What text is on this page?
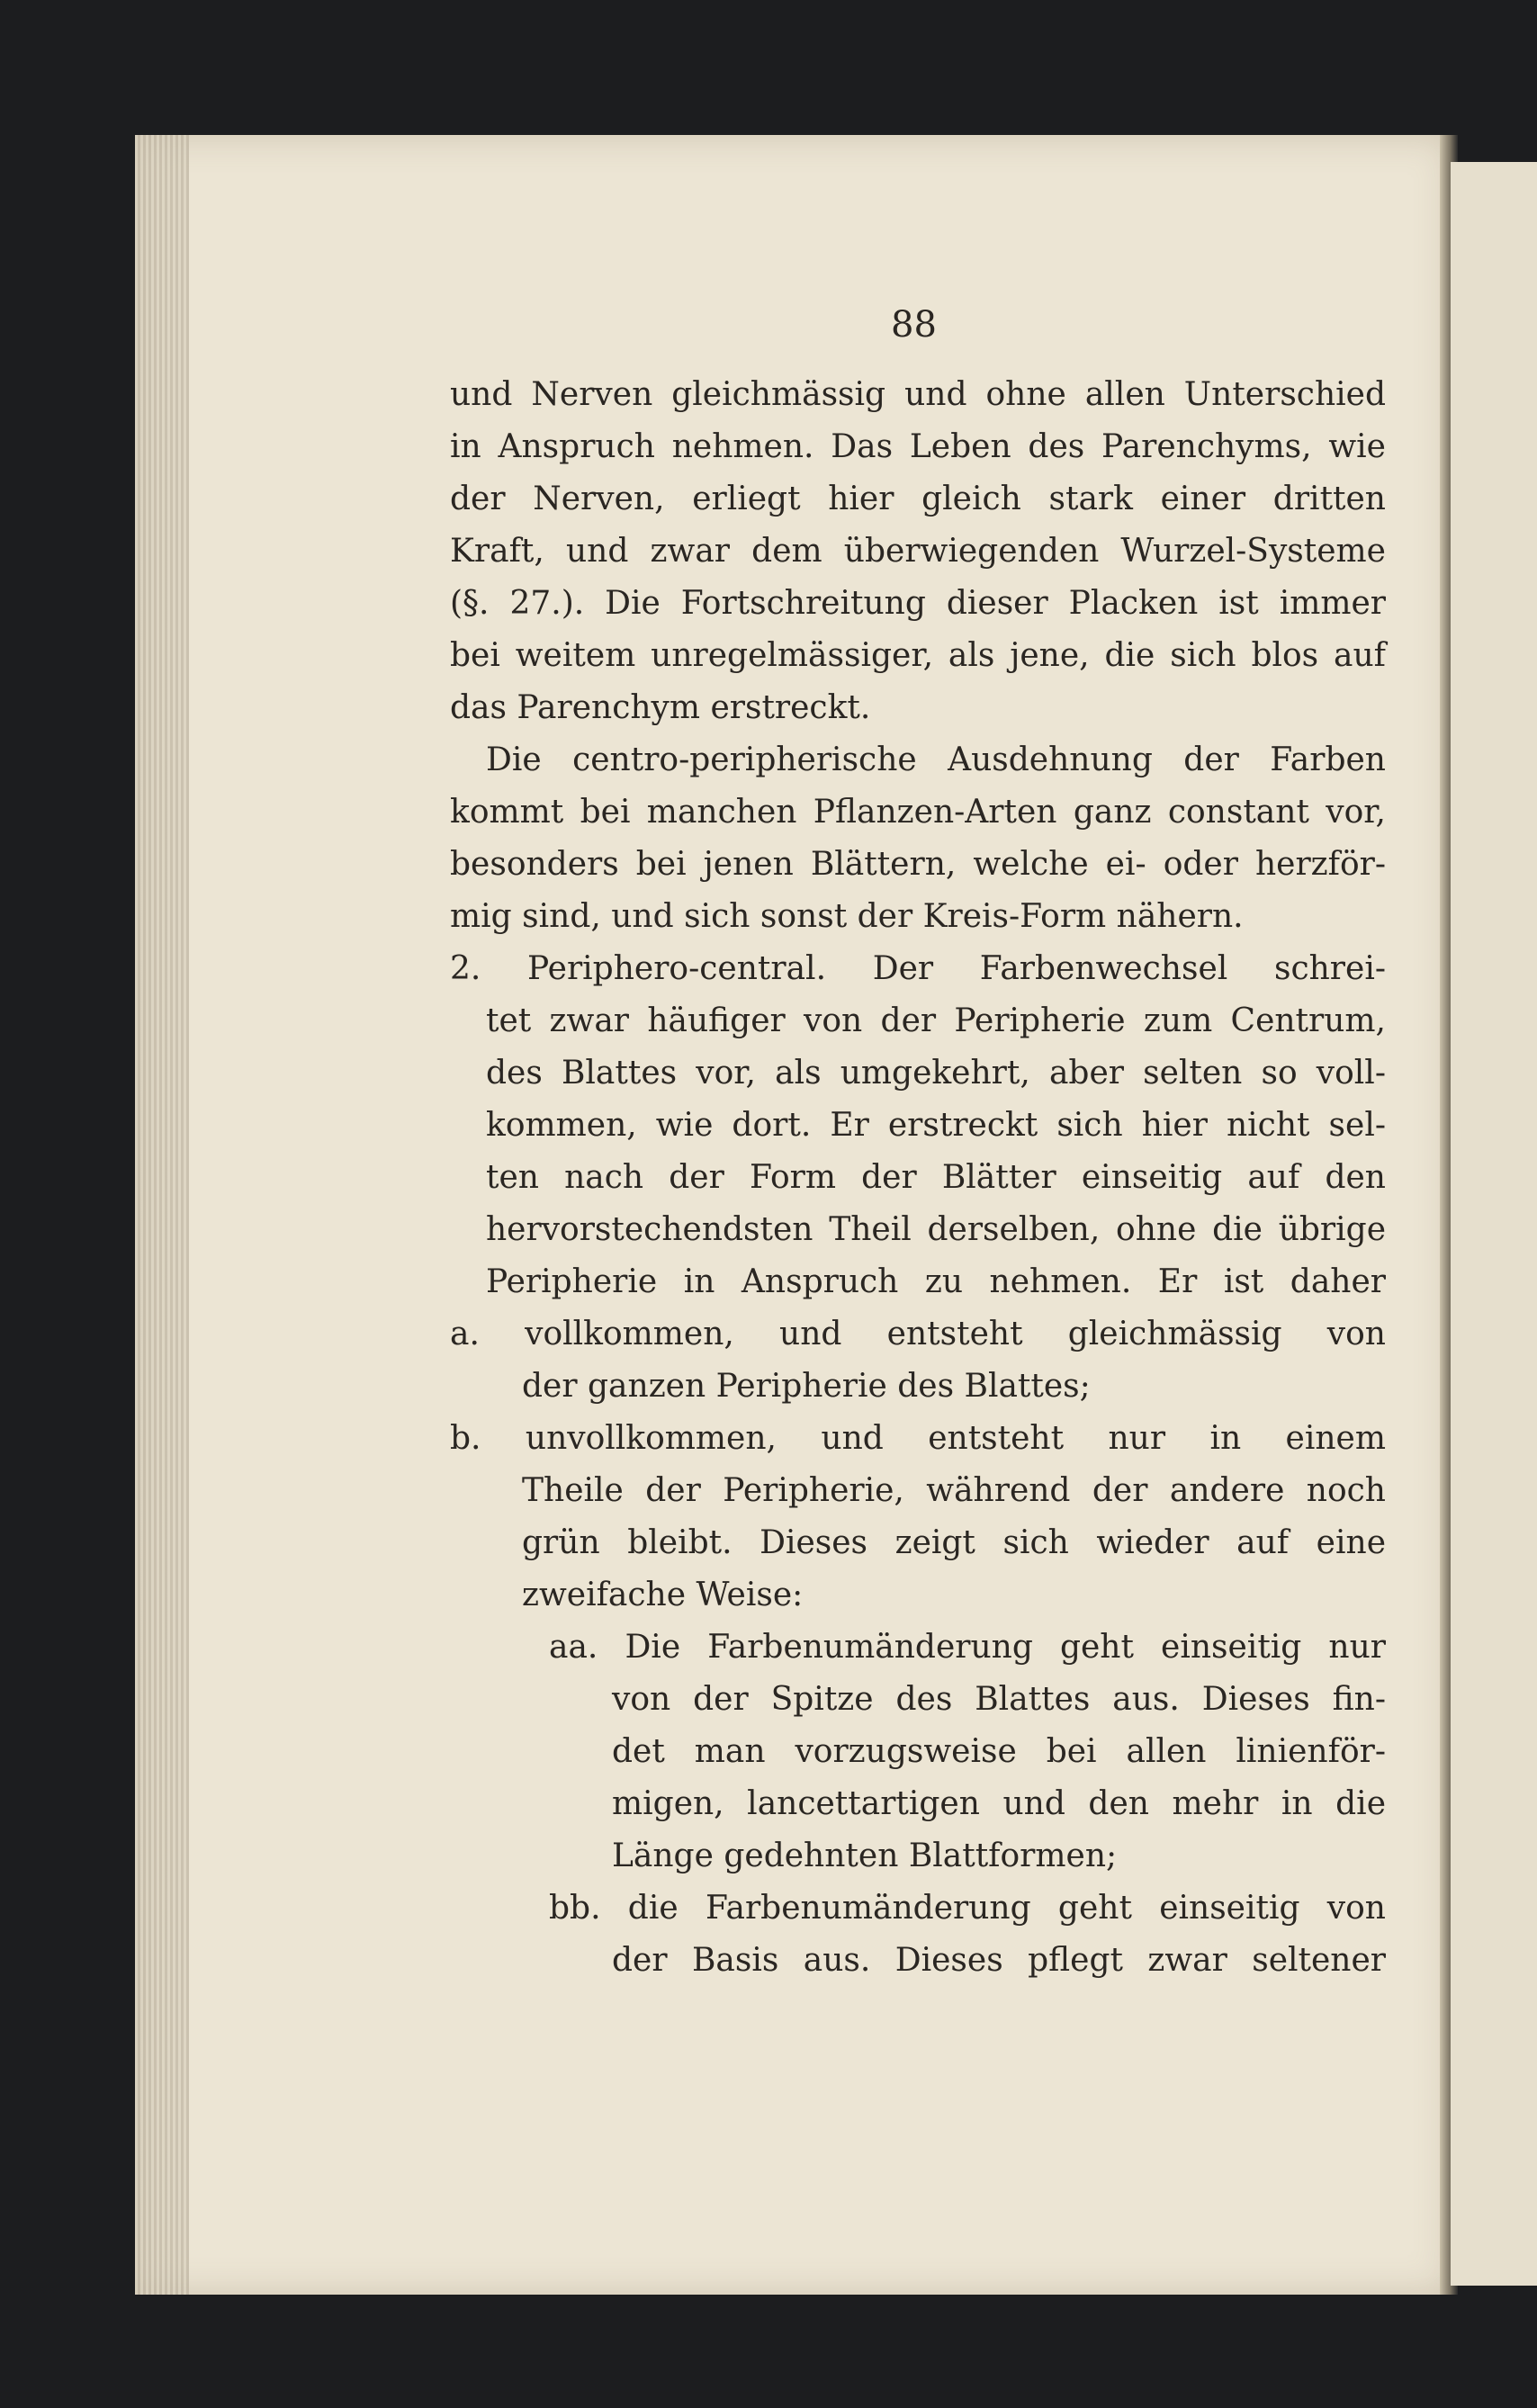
88
und Nerven gleichmässig und ohne allen Unterschied
in Anspruch nehmen. Das Leben des Parenchyms, wie
der Nerven, erliegt hier gleich stark einer dritten
Kraft, und zwar dem überwiegenden Wurzel-Systeme
(§. 27.). Die Fortschreitung dieser Placken ist immer
bei weitem unregelmässiger, als jene, die sich blos auf
das Parenchym erstreckt.
Die centro-peripherische Ausdehnung der Farben
kommt bei manchen Pflanzen-Arten ganz constant vor,
besonders bei jenen Blättern, welche ei- oder herzför-
mig sind, und sich sonst der Kreis-Form nähern.
2. Periphero-central. Der Farbenwechsel schrei-
tet zwar häufiger von der Peripherie zum Centrum,
des Blattes vor, als umgekehrt, aber selten so voll-
kommen, wie dort. Er erstreckt sich hier nicht sel-
ten nach der Form der Blätter einseitig auf den
hervorstechendsten Theil derselben, ohne die übrige
Peripherie in Anspruch zu nehmen. Er ist daher
a. vollkommen, und entsteht gleichmässig von
der ganzen Peripherie des Blattes;
b. unvollkommen, und entsteht nur in einem
Theile der Peripherie, während der andere noch
grün bleibt. Dieses zeigt sich wieder auf eine
zweifache Weise:
aa. Die Farbenumänderung geht einseitig nur
von der Spitze des Blattes aus. Dieses fin-
det man vorzugsweise bei allen linienför-
migen, lancettartigen und den mehr in die
Länge gedehnten Blattformen;
bb. die Farbenumänderung geht einseitig von
der Basis aus. Dieses pflegt zwar seltener
